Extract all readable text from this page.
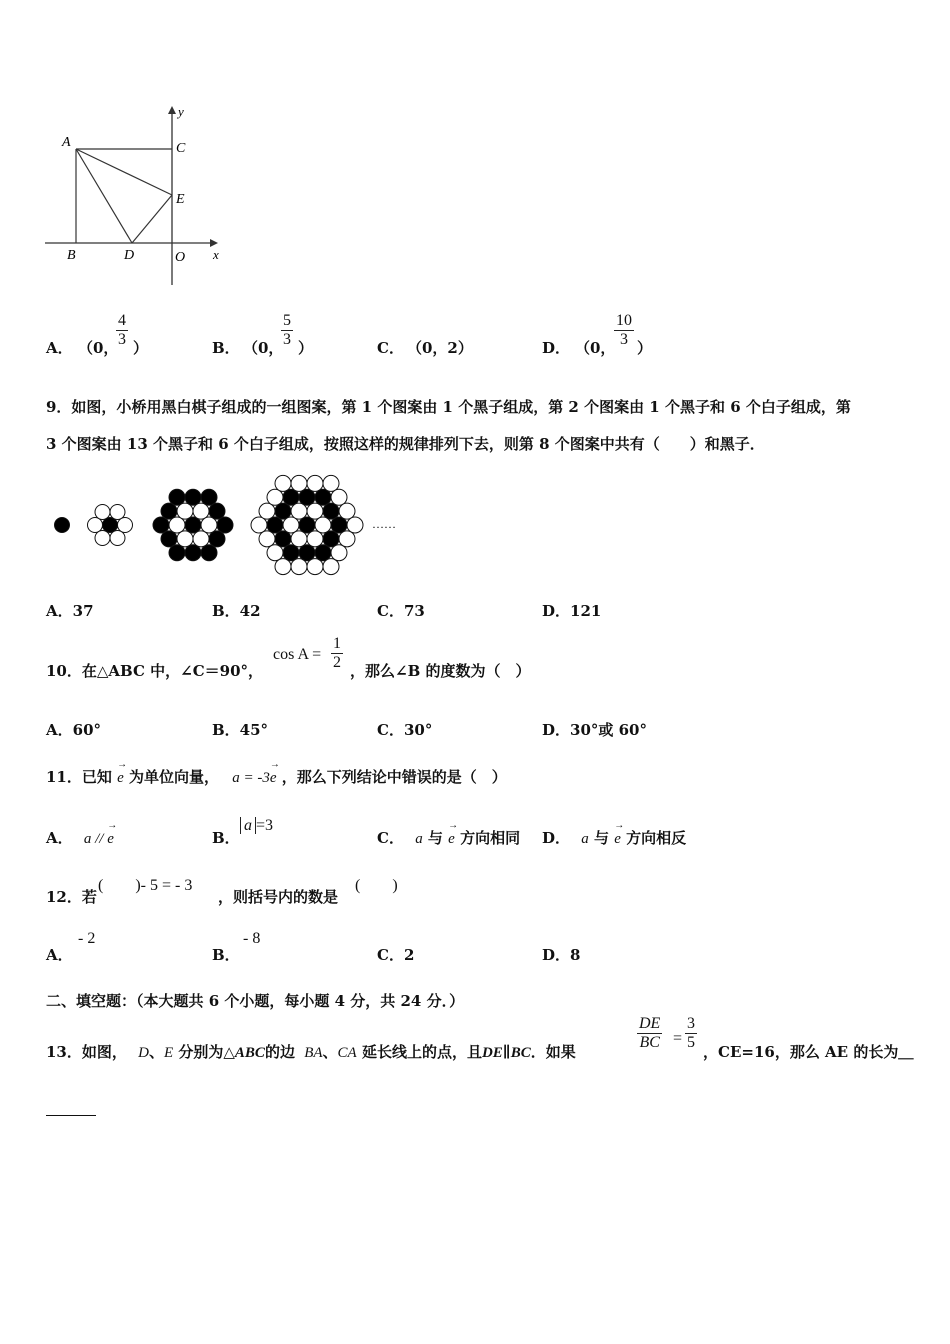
A	C
E
B	D	O x
y
A． （0，
$\frac{4}{3}$ ）	B． （0，
$\frac{5}{3}$ ）	C． （0，2）	D． （0，
$\frac{10}{3}$ ）
9．如图，小桥用黑白棋子组成的一组图案，第 1 个图案由 1 个黑子组成，第 2 个图案由 1 个黑子和 6 个白子组成，第
3 个图案由 13 个黑子和 6 个白子组成，按照这样的规律排列下去，则第 8 个图案中共有（　　）和黑子．
……
A．37	B．42	C．73	D．121
10．在△ABC 中，∠C＝90°，
$\cos A = \frac{1}{2}$ ，那么∠B 的度数为（　）
A．60°	B．45°	C．30°	D．30°或 60°
11．已知 → e 为单位向量， a = -3→ e ，那么下列结论中错误的是（　）
A． a // → e	B．
a =3
C． a 与 → e 方向相同 D． a 与 → e 方向相反
12．若
(　　)- 5 = - 3
，则括号内的数是
(　　)
A．
- 2
B．
- 8
C．2	D．8
二、填空题：（本大题共 6 个小题，每小题 4 分，共 24 分．）
13．如图， D、E 分别为△ABC的边 BA、CA 延长线上的点，且DE∥BC．如果	$\frac{DE}{BC} = \frac{3}{5}$ ，CE=16，那么 AE 的长为＿
